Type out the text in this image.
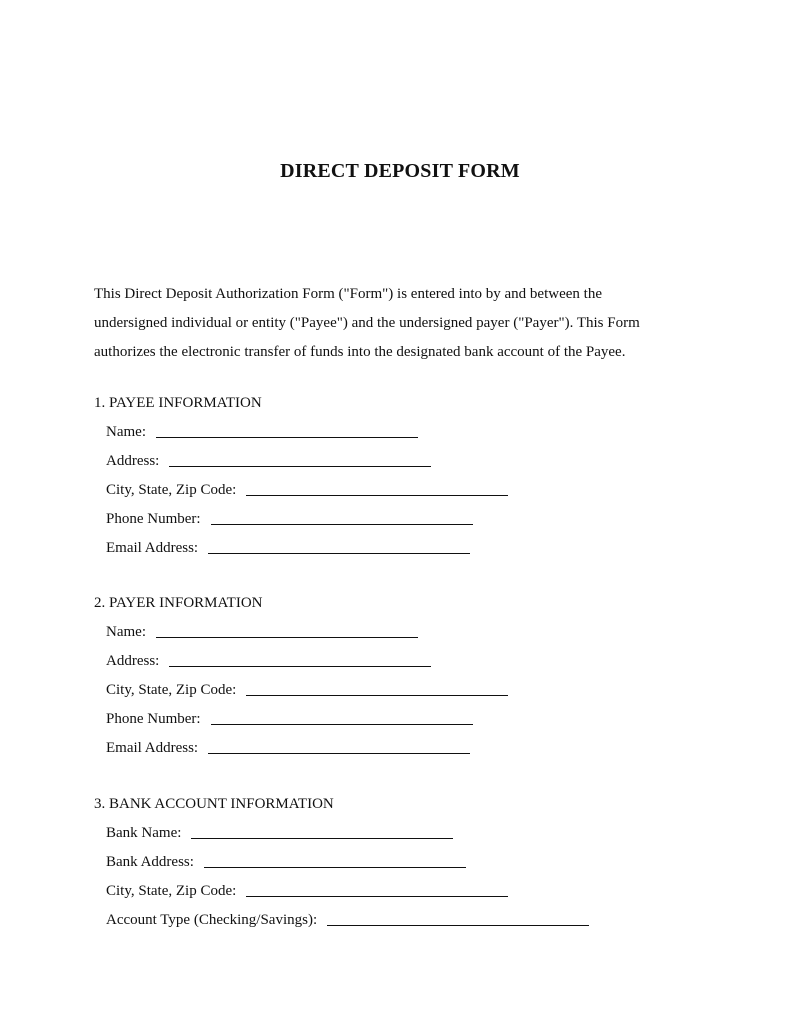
DIRECT DEPOSIT FORM

This Direct Deposit Authorization Form ("Form") is entered into by and between the

undersigned individual or entity ("Payee") and the undersigned payer ("Payer"). This Form

authorizes the electronic transfer of funds into the designated bank account of the Payee.

1. PAYEE INFORMATION
Name:
Address:
City, State, Zip Code:
Phone Number:
Email Address:
2. PAYER INFORMATION
Name:
Address:
City, State, Zip Code:
Phone Number:
Email Address:
3. BANK ACCOUNT INFORMATION
Bank Name:
Bank Address:
City, State, Zip Code:
Account Type (Checking/Savings):
